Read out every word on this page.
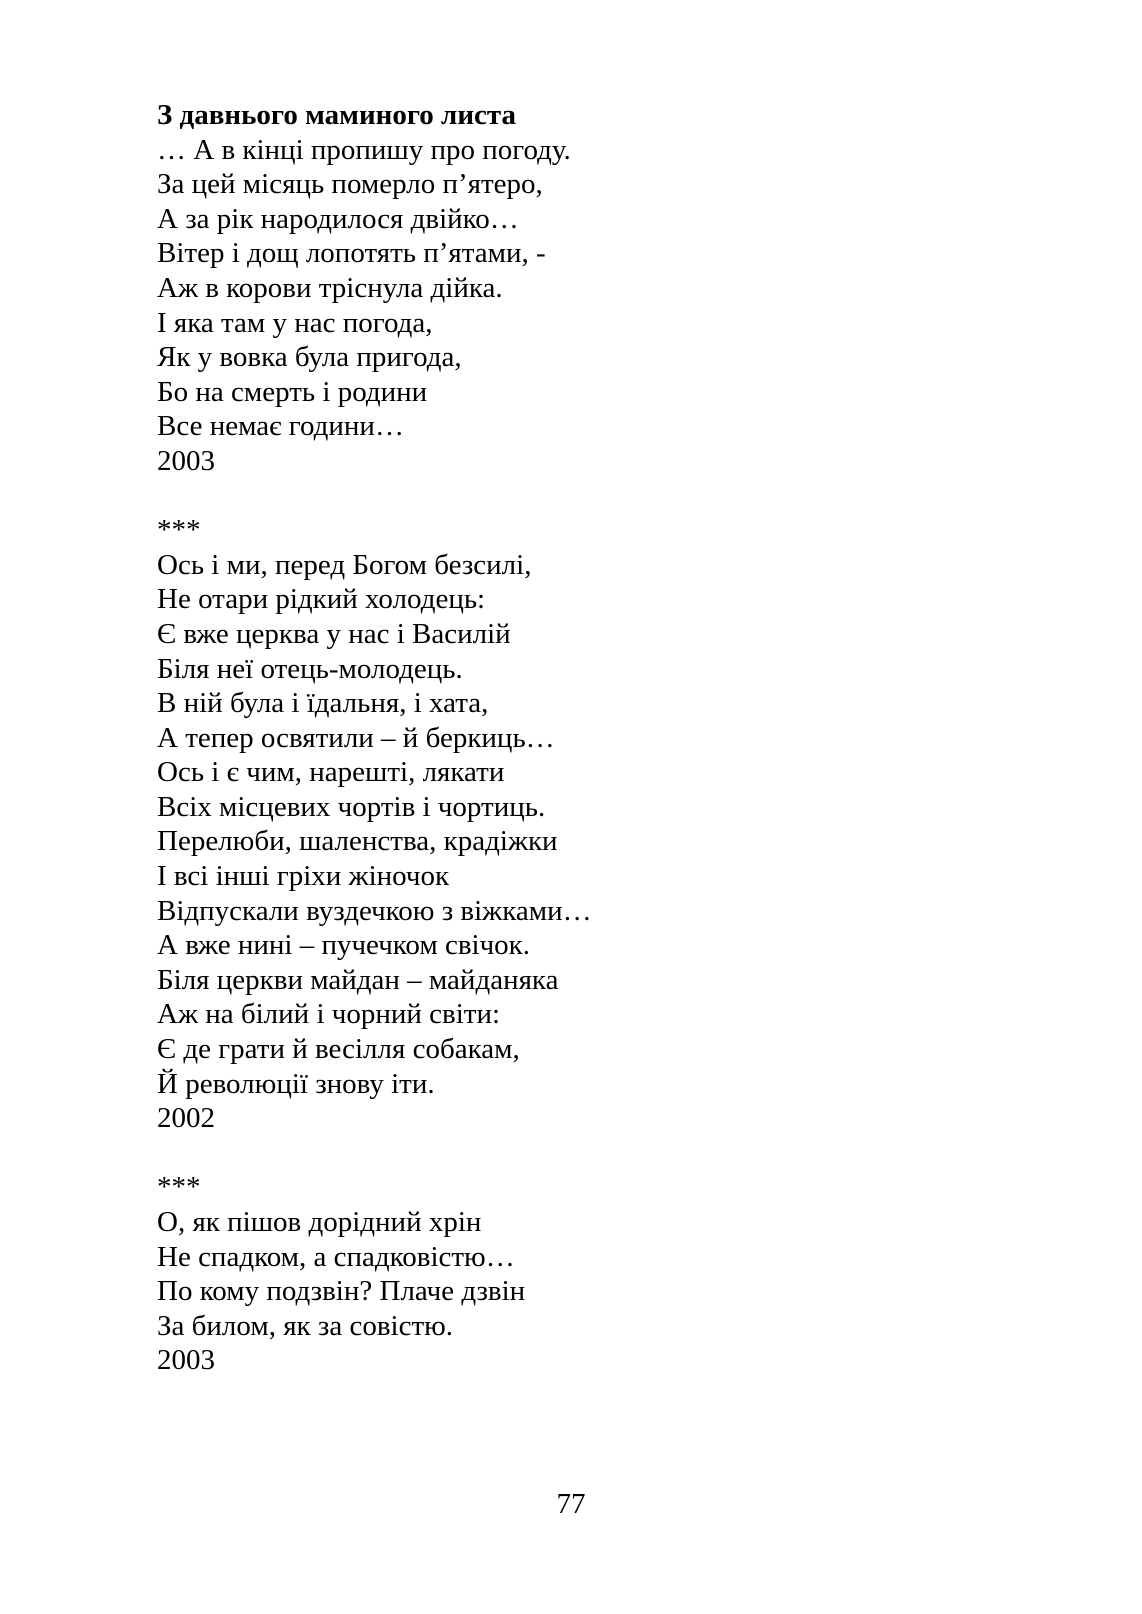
З давнього маминого листа
… А в кінці пропишу про погоду.
За цей місяць померло п’ятеро,
А за рік народилося двійко…
Вітер і дощ лопотять п’ятами, -
Аж в корови тріснула дійка.
І яка там у нас погода,
Як у вовка була пригода,
Бо на смерть і родини
Все немає години…
2003
***
Ось і ми, перед Богом безсилі,
Не отари рідкий холодець:
Є вже церква у нас і Василій
Біля неї отець-молодець.
В ній була і їдальня, і хата,
А тепер освятили – й беркиць…
Ось і є чим, нарешті, лякати
Всіх місцевих чортів і чортиць.
Перелюби, шаленства, крадіжки
І всі інші гріхи жіночок
Відпускали вуздечкою з віжками…
А вже нині – пучечком свічок.
Біля церкви майдан – майданяка
Аж на білий і чорний світи:
Є де грати й весілля собакам,
Й революції знову іти.
2002
***
О, як пішов дорідний хрін
Не спадком, а спадковістю…
По кому подзвін? Плаче дзвін
За билом, як за совістю.
2003
77
